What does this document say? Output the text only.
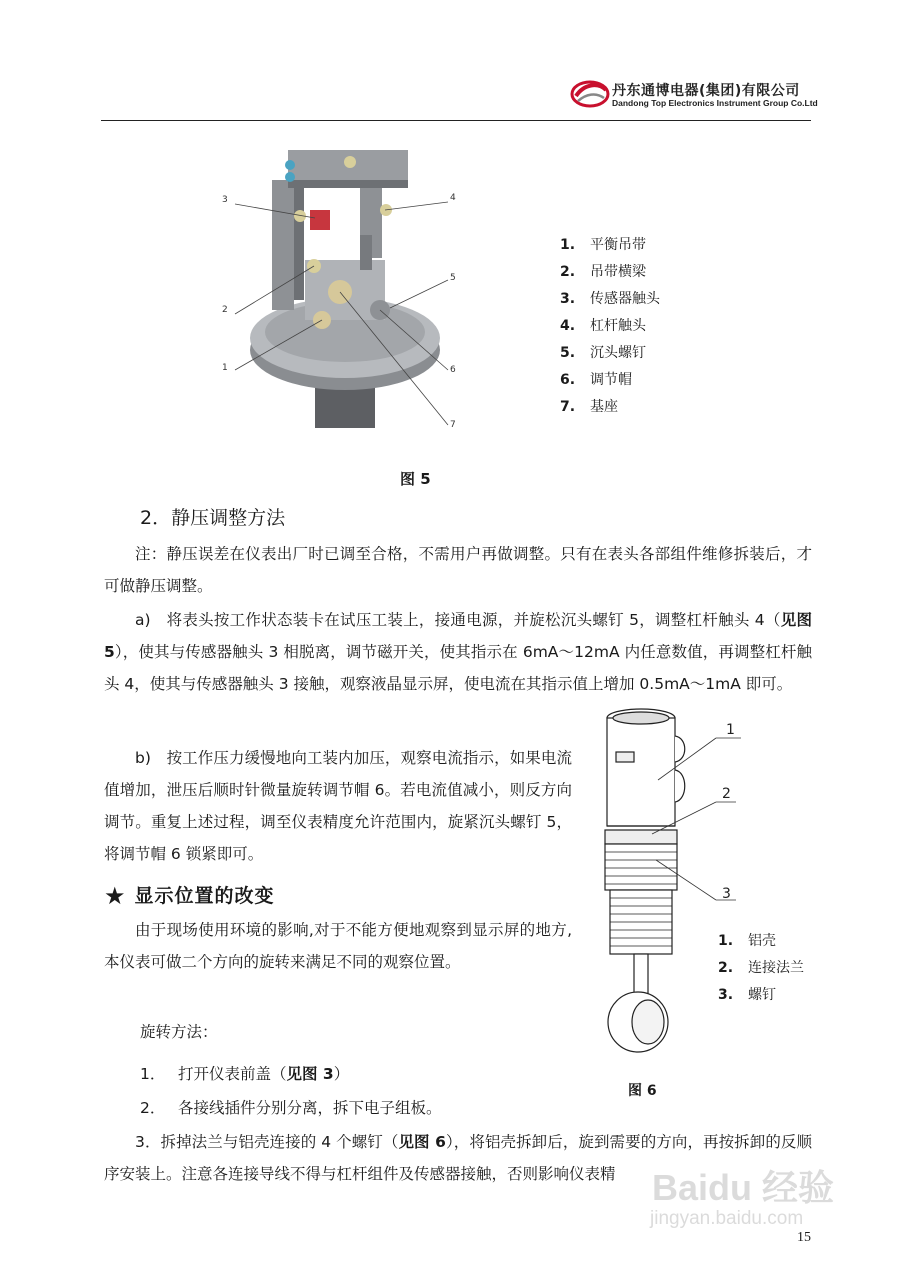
丹东通博电器(集团)有限公司
Dandong Top Electronics Instrument Group Co.Ltd
3	4
5
2
1	6
7
1. 平衡吊带
2. 吊带横梁
3. 传感器触头
4. 杠杆触头
5. 沉头螺钉
6. 调节帽
7. 基座
图 5
2．静压调整方法
注：静压误差在仪表出厂时已调至合格，不需用户再做调整。只有在表头各部组件维修拆装后，才可做静压调整。
a)　将表头按工作状态装卡在试压工装上，接通电源，并旋松沉头螺钉 5，调整杠杆触头 4（见图 5），使其与传感器触头 3 相脱离，调节磁开关，使其指示在 6mA～12mA 内任意数值，再调整杠杆触头 4，使其与传感器触头 3 接触，观察液晶显示屏，使电流在其指示值上增加 0.5mA～1mA 即可。
b)　按工作压力缓慢地向工装内加压，观察电流指示，如果电流值增加，泄压后顺时针微量旋转调节帽 6。若电流值减小，则反方向调节。重复上述过程，调至仪表精度允许范围内，旋紧沉头螺钉 5，将调节帽 6 锁紧即可。
★ 显示位置的改变
由于现场使用环境的影响,对于不能方便地观察到显示屏的地方,本仪表可做二个方向的旋转来满足不同的观察位置。
旋转方法：
1． 打开仪表前盖（见图 3）
2． 各接线插件分别分离，拆下电子组板。
3．拆掉法兰与铝壳连接的 4 个螺钉（见图 6），将铝壳拆卸后，旋到需要的方向，再按拆卸的反顺序安装上。注意各连接导线不得与杠杆组件及传感器接触，否则影响仪表精
1
2
3
1. 铝壳
2. 连接法兰
3. 螺钉
图 6
Baidu 经验
jingyan.baidu.com
15
